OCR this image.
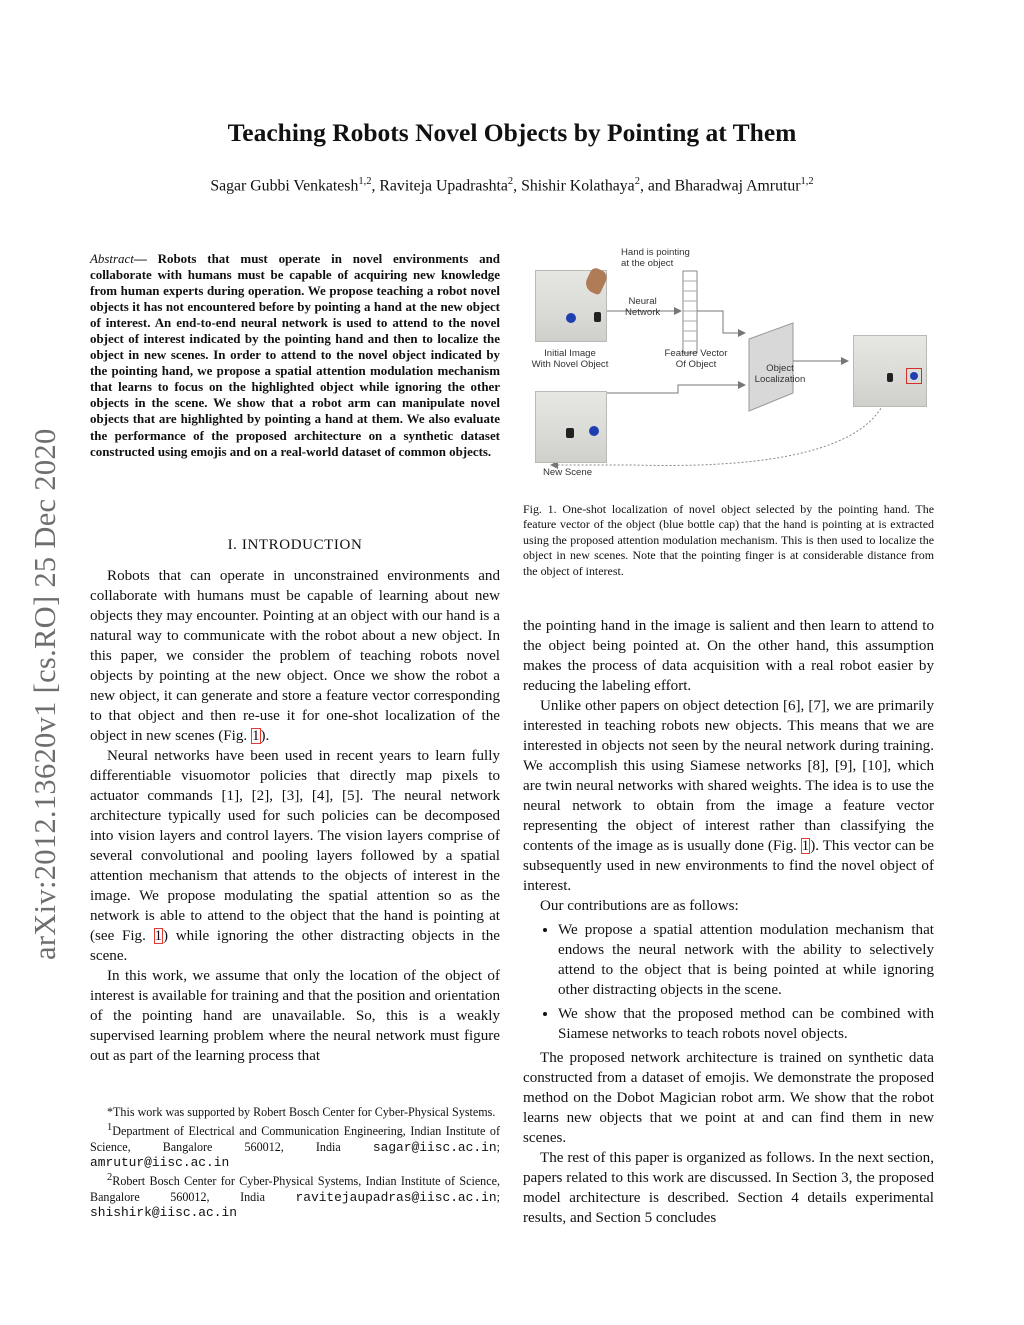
arXiv:2012.13620v1 [cs.RO] 25 Dec 2020
Teaching Robots Novel Objects by Pointing at Them
Sagar Gubbi Venkatesh$^{1,2}$, Raviteja Upadrashta$^2$, Shishir Kolathaya$^2$, and Bharadwaj Amrutur$^{1,2}$
Abstract— Robots that must operate in novel environments and collaborate with humans must be capable of acquiring new knowledge from human experts during operation. We propose teaching a robot novel objects it has not encountered before by pointing a hand at the new object of interest. An end-to-end neural network is used to attend to the novel object of interest indicated by the pointing hand and then to localize the object in new scenes. In order to attend to the novel object indicated by the pointing hand, we propose a spatial attention modulation mechanism that learns to focus on the highlighted object while ignoring the other objects in the scene. We show that a robot arm can manipulate novel objects that are highlighted by pointing a hand at them. We also evaluate the performance of the proposed architecture on a synthetic dataset constructed using emojis and on a real-world dataset of common objects.
I. INTRODUCTION

Robots that can operate in unconstrained environments and collaborate with humans must be capable of learning about new objects they may encounter. Pointing at an object with our hand is a natural way to communicate with the robot about a new object. In this paper, we consider the problem of teaching robots novel objects by pointing at the new object. Once we show the robot a new object, it can generate and store a feature vector corresponding to that object and then re-use it for one-shot localization of the object in new scenes (Fig. 1).

Neural networks have been used in recent years to learn fully differentiable visuomotor policies that directly map pixels to actuator commands [1], [2], [3], [4], [5]. The neural network architecture typically used for such policies can be decomposed into vision layers and control layers. The vision layers comprise of several convolutional and pooling layers followed by a spatial attention mechanism that attends to the objects of interest in the image. We propose modulating the spatial attention so as the network is able to attend to the object that the hand is pointing at (see Fig. 1) while ignoring the other distracting objects in the scene.

In this work, we assume that only the location of the object of interest is available for training and that the position and orientation of the pointing hand are unavailable. So, this is a weakly supervised learning problem where the neural network must figure out as part of the learning process that

*This work was supported by Robert Bosch Center for Cyber-Physical Systems.

$^1$Department of Electrical and Communication Engineering, Indian Institute of Science, Bangalore 560012, India sagar@iisc.ac.in; amrutur@iisc.ac.in

$^2$Robert Bosch Center for Cyber-Physical Systems, Indian Institute of Science, Bangalore 560012, India ravitejaupadras@iisc.ac.in; shishirk@iisc.ac.in

Hand is pointing
at the object
Neural
Network
Initial Image
With Novel Object
Feature Vector
Of Object	Object
Localization
New Scene
Fig. 1. One-shot localization of novel object selected by the pointing hand. The feature vector of the object (blue bottle cap) that the hand is pointing at is extracted using the proposed attention modulation mechanism. This is then used to localize the object in new scenes. Note that the pointing finger is at considerable distance from the object of interest.

the pointing hand in the image is salient and then learn to attend to the object being pointed at. On the other hand, this assumption makes the process of data acquisition with a real robot easier by reducing the labeling effort.

Unlike other papers on object detection [6], [7], we are primarily interested in teaching robots new objects. This means that we are interested in objects not seen by the neural network during training. We accomplish this using Siamese networks [8], [9], [10], which are twin neural networks with shared weights. The idea is to use the neural network to obtain from the image a feature vector representing the object of interest rather than classifying the contents of the image as is usually done (Fig. 1). This vector can be subsequently used in new environments to find the novel object of interest.

Our contributions are as follows:

• We propose a spatial attention modulation mechanism that endows the neural network with the ability to selectively attend to the object that is being pointed at while ignoring other distracting objects in the scene.
• We show that the proposed method can be combined with Siamese networks to teach robots novel objects.

The proposed network architecture is trained on synthetic data constructed from a dataset of emojis. We demonstrate the proposed method on the Dobot Magician robot arm. We show that the robot learns new objects that we point at and can find them in new scenes.

The rest of this paper is organized as follows. In the next section, papers related to this work are discussed. In Section 3, the proposed model architecture is described. Section 4 details experimental results, and Section 5 concludes
